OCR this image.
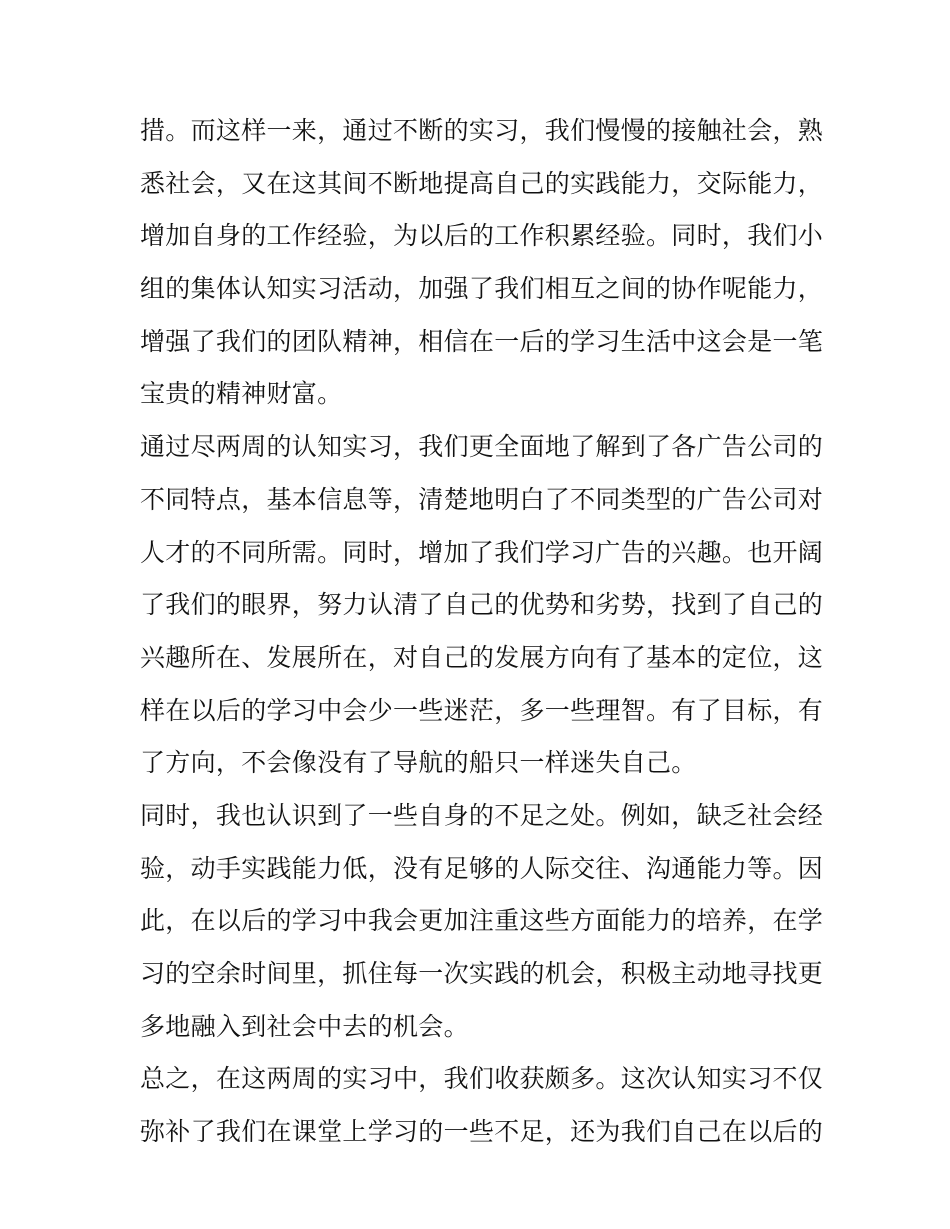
措。而这样一来，通过不断的实习，我们慢慢的接触社会，熟
悉社会，又在这其间不断地提高自己的实践能力，交际能力，
增加自身的工作经验，为以后的工作积累经验。同时，我们小
组的集体认知实习活动，加强了我们相互之间的协作呢能力，
增强了我们的团队精神，相信在一后的学习生活中这会是一笔
宝贵的精神财富。

通过尽两周的认知实习，我们更全面地了解到了各广告公司的
不同特点，基本信息等，清楚地明白了不同类型的广告公司对
人才的不同所需。同时，增加了我们学习广告的兴趣。也开阔
了我们的眼界，努力认清了自己的优势和劣势，找到了自己的
兴趣所在、发展所在，对自己的发展方向有了基本的定位，这
样在以后的学习中会少一些迷茫，多一些理智。有了目标，有
了方向，不会像没有了导航的船只一样迷失自己。

同时，我也认识到了一些自身的不足之处。例如，缺乏社会经
验，动手实践能力低，没有足够的人际交往、沟通能力等。因
此，在以后的学习中我会更加注重这些方面能力的培养，在学
习的空余时间里，抓住每一次实践的机会，积极主动地寻找更
多地融入到社会中去的机会。

总之，在这两周的实习中，我们收获颇多。这次认知实习不仅
弥补了我们在课堂上学习的一些不足，还为我们自己在以后的
